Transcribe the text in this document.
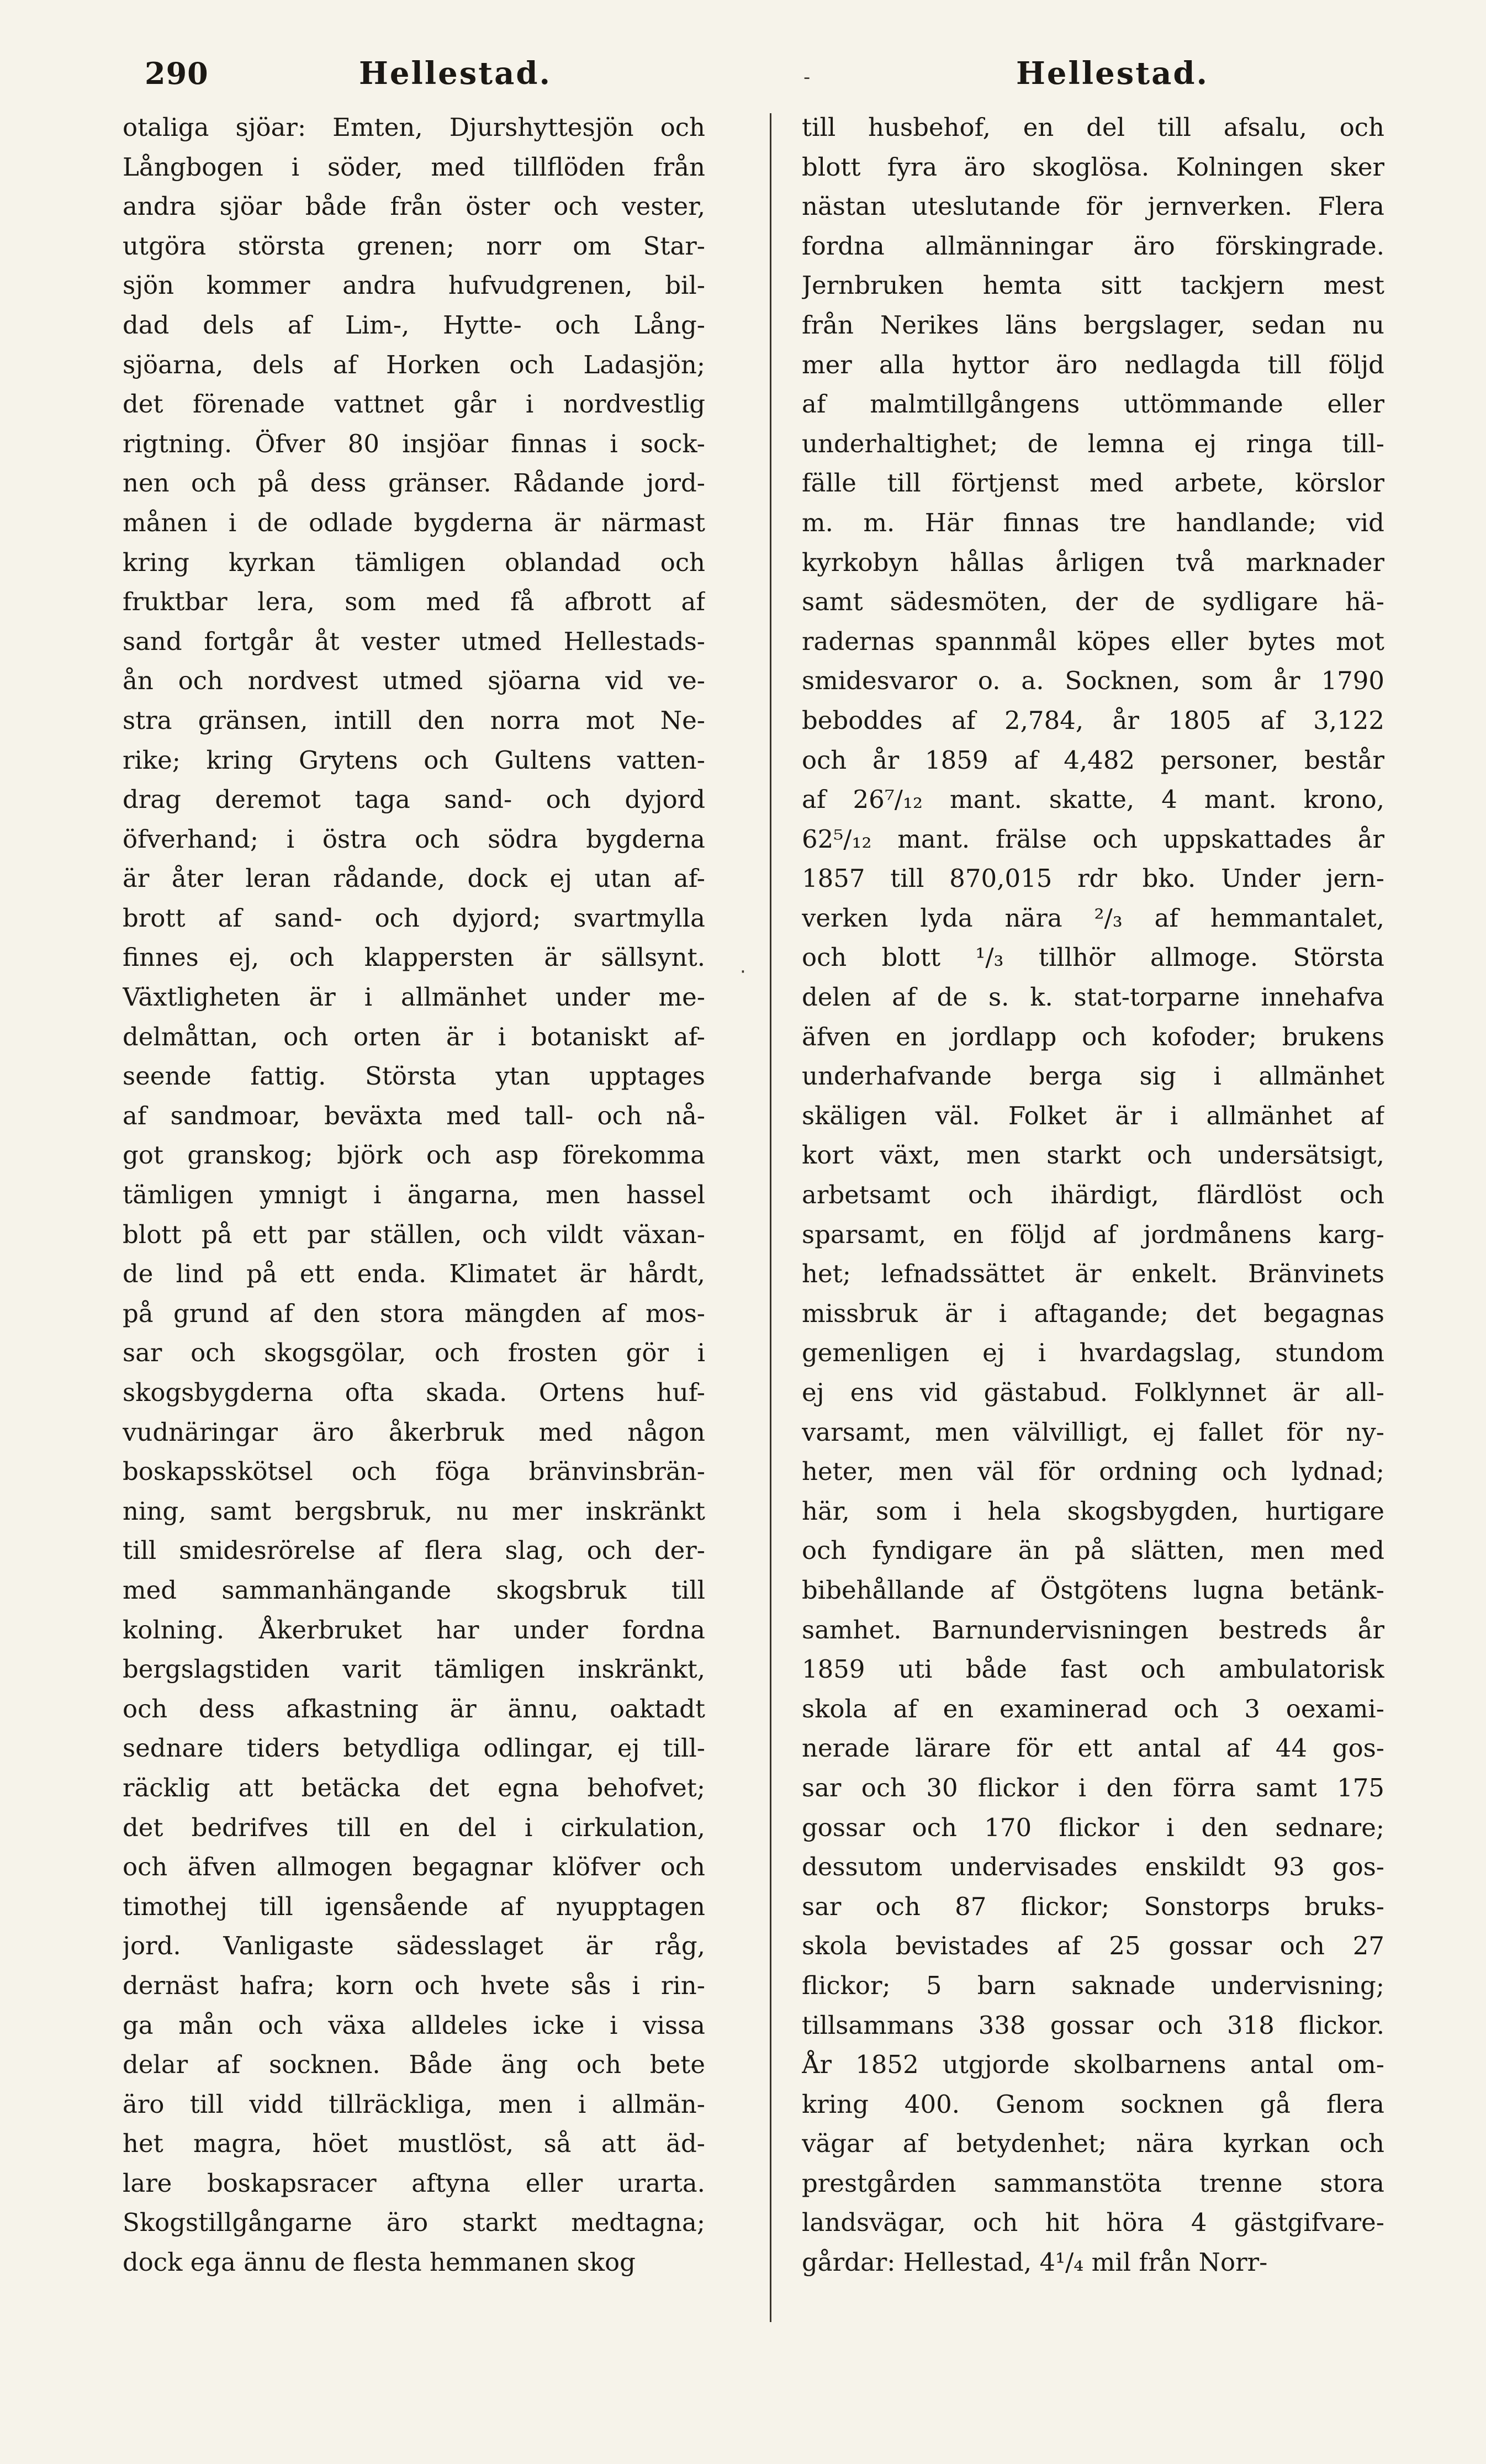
290	Hellestad.	Hellestad.
-
·
otaliga sjöar: Emten, Djurshyttesjön och
Långbogen i söder, med tillflöden från
andra sjöar både från öster och vester,
utgöra största grenen; norr om Star-
sjön kommer andra hufvudgrenen, bil-
dad dels af Lim-, Hytte- och Lång-
sjöarna, dels af Horken och Ladasjön;
det förenade vattnet går i nordvestlig
rigtning. Öfver 80 insjöar finnas i sock-
nen och på dess gränser. Rådande jord-
månen i de odlade bygderna är närmast
kring kyrkan tämligen oblandad och
fruktbar lera, som med få afbrott af
sand fortgår åt vester utmed Hellestads-
ån och nordvest utmed sjöarna vid ve-
stra gränsen, intill den norra mot Ne-
rike; kring Grytens och Gultens vatten-
drag deremot taga sand- och dyjord
öfverhand; i östra och södra bygderna
är åter leran rådande, dock ej utan af-
brott af sand- och dyjord; svartmylla
finnes ej, och klappersten är sällsynt.
Växtligheten är i allmänhet under me-
delmåttan, och orten är i botaniskt af-
seende fattig. Största ytan upptages
af sandmoar, beväxta med tall- och nå-
got granskog; björk och asp förekomma
tämligen ymnigt i ängarna, men hassel
blott på ett par ställen, och vildt växan-
de lind på ett enda. Klimatet är hårdt,
på grund af den stora mängden af mos-
sar och skogsgölar, och frosten gör i
skogsbygderna ofta skada. Ortens huf-
vudnäringar äro åkerbruk med någon
boskapsskötsel och föga bränvinsbrän-
ning, samt bergsbruk, nu mer inskränkt
till smidesrörelse af flera slag, och der-
med sammanhängande skogsbruk till
kolning. Åkerbruket har under fordna
bergslagstiden varit tämligen inskränkt,
och dess afkastning är ännu, oaktadt
sednare tiders betydliga odlingar, ej till-
räcklig att betäcka det egna behofvet;
det bedrifves till en del i cirkulation,
och äfven allmogen begagnar klöfver och
timothej till igensående af nyupptagen
jord. Vanligaste sädesslaget är råg,
dernäst hafra; korn och hvete sås i rin-
ga mån och växa alldeles icke i vissa
delar af socknen. Både äng och bete
äro till vidd tillräckliga, men i allmän-
het magra, höet mustlöst, så att äd-
lare boskapsracer aftyna eller urarta.
Skogstillgångarne äro starkt medtagna;
dock ega ännu de flesta hemmanen skog
till husbehof, en del till afsalu, och
blott fyra äro skoglösa. Kolningen sker
nästan uteslutande för jernverken. Flera
fordna allmänningar äro förskingrade.
Jernbruken hemta sitt tackjern mest
från Nerikes läns bergslager, sedan nu
mer alla hyttor äro nedlagda till följd
af malmtillgångens uttömmande eller
underhaltighet; de lemna ej ringa till-
fälle till förtjenst med arbete, körslor
m. m. Här finnas tre handlande; vid
kyrkobyn hållas årligen två marknader
samt sädesmöten, der de sydligare hä-
radernas spannmål köpes eller bytes mot
smidesvaror o. a. Socknen, som år 1790
beboddes af 2,784, år 1805 af 3,122
och år 1859 af 4,482 personer, består
af 26⁷/₁₂ mant. skatte, 4 mant. krono,
62⁵/₁₂ mant. frälse och uppskattades år
1857 till 870,015 rdr bko. Under jern-
verken lyda nära ²/₃ af hemmantalet,
och blott ¹/₃ tillhör allmoge. Största
delen af de s. k. stat-torparne innehafva
äfven en jordlapp och kofoder; brukens
underhafvande berga sig i allmänhet
skäligen väl. Folket är i allmänhet af
kort växt, men starkt och undersätsigt,
arbetsamt och ihärdigt, flärdlöst och
sparsamt, en följd af jordmånens karg-
het; lefnadssättet är enkelt. Bränvinets
missbruk är i aftagande; det begagnas
gemenligen ej i hvardagslag, stundom
ej ens vid gästabud. Folklynnet är all-
varsamt, men välvilligt, ej fallet för ny-
heter, men väl för ordning och lydnad;
här, som i hela skogsbygden, hurtigare
och fyndigare än på slätten, men med
bibehållande af Östgötens lugna betänk-
samhet. Barnundervisningen bestreds år
1859 uti både fast och ambulatorisk
skola af en examinerad och 3 oexami-
nerade lärare för ett antal af 44 gos-
sar och 30 flickor i den förra samt 175
gossar och 170 flickor i den sednare;
dessutom undervisades enskildt 93 gos-
sar och 87 flickor; Sonstorps bruks-
skola bevistades af 25 gossar och 27
flickor; 5 barn saknade undervisning;
tillsammans 338 gossar och 318 flickor.
År 1852 utgjorde skolbarnens antal om-
kring 400. Genom socknen gå flera
vägar af betydenhet; nära kyrkan och
prestgården sammanstöta trenne stora
landsvägar, och hit höra 4 gästgifvare-
gårdar: Hellestad, 4¹/₄ mil från Norr-
